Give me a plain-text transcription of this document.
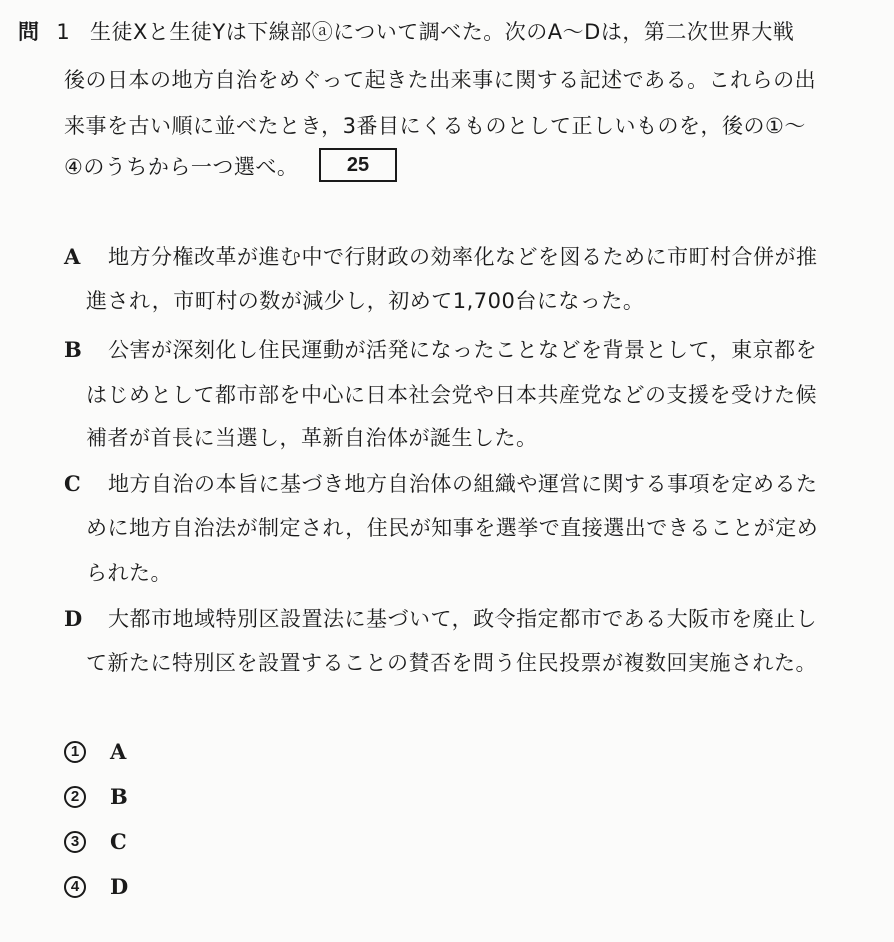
問 1 生徒Xと生徒Yは下線部ⓐについて調べた。次のA～Dは，第二次世界大戦
後の日本の地方自治をめぐって起きた出来事に関する記述である。これらの出
来事を古い順に並べたとき，3番目にくるものとして正しいものを，後の①～
④のうちから一つ選べ。	25
A 地方分権改革が進む中で行財政の効率化などを図るために市町村合併が推
進され，市町村の数が減少し，初めて1,700台になった。
B 公害が深刻化し住民運動が活発になったことなどを背景として，東京都を
はじめとして都市部を中心に日本社会党や日本共産党などの支援を受けた候
補者が首長に当選し，革新自治体が誕生した。
C 地方自治の本旨に基づき地方自治体の組織や運営に関する事項を定めるた
めに地方自治法が制定され，住民が知事を選挙で直接選出できることが定め
られた。
D 大都市地域特別区設置法に基づいて，政令指定都市である大阪市を廃止し
て新たに特別区を設置することの賛否を問う住民投票が複数回実施された。
1	A
2	B
3	C
4	D
